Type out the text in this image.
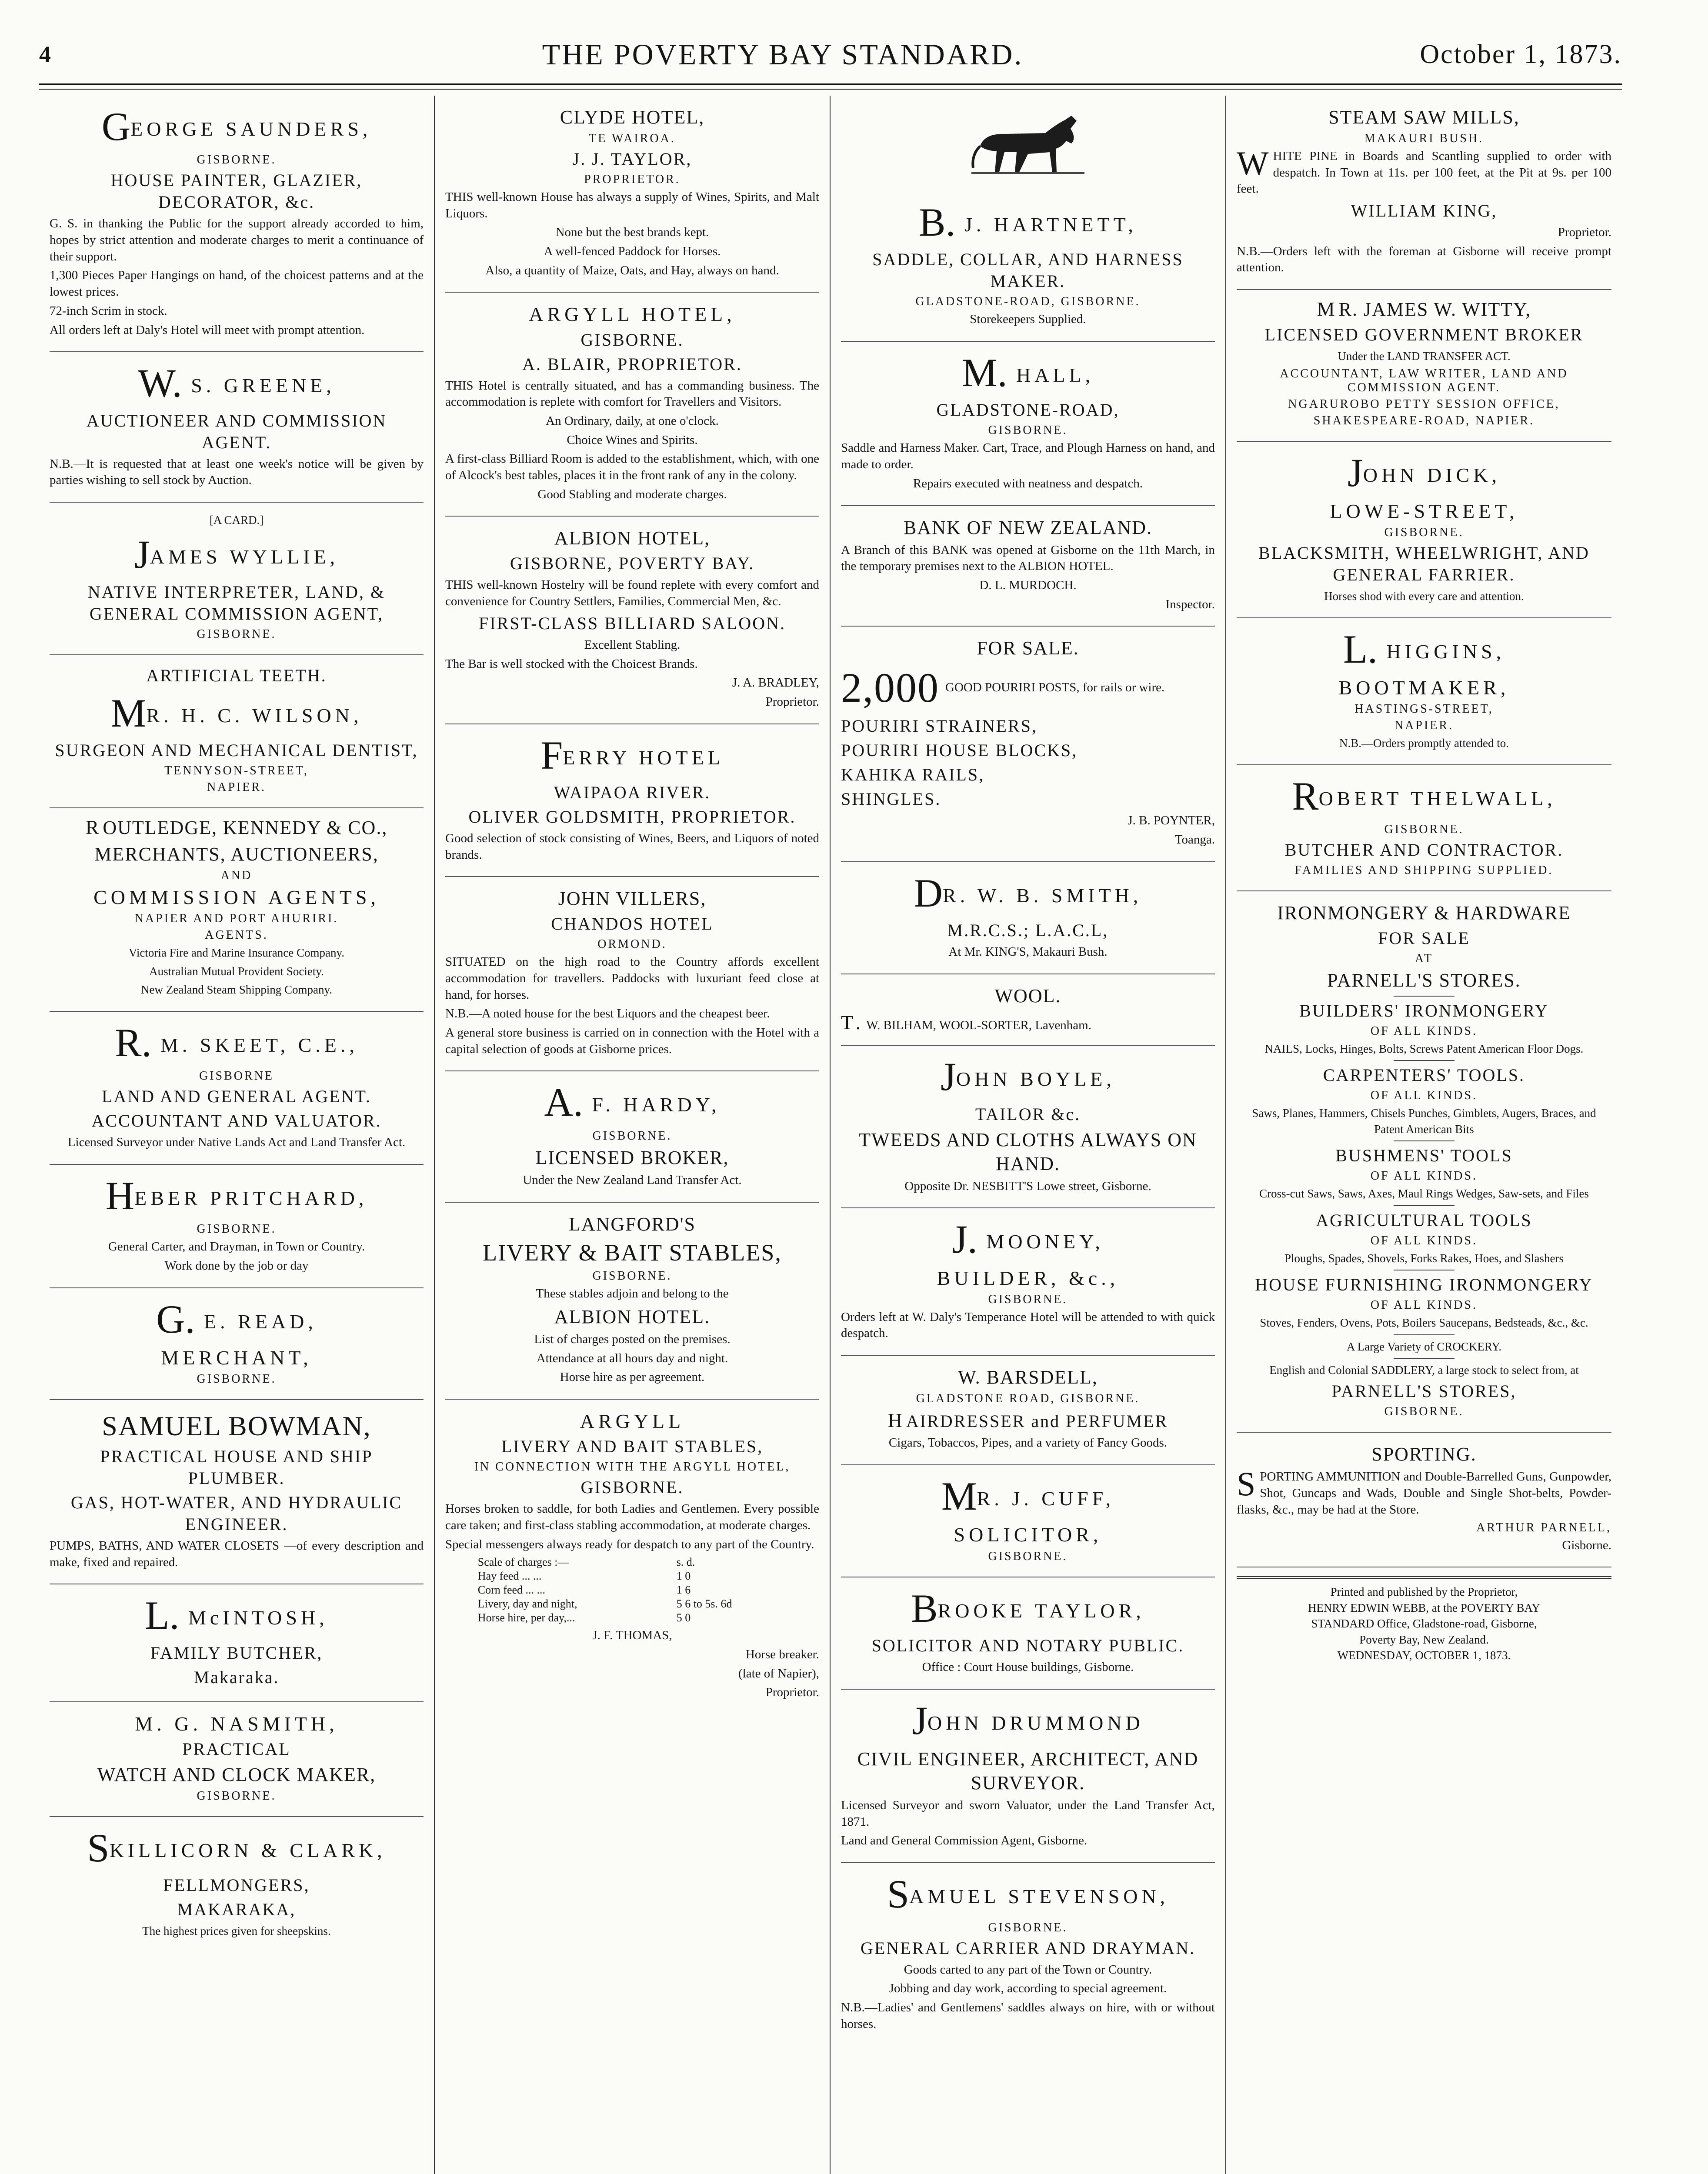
4	THE POVERTY BAY STANDARD.	October 1, 1873.
GEORGE SAUNDERS,

GISBORNE.

HOUSE PAINTER, GLAZIER, DECORATOR, &c.

G. S. in thanking the Public for the support already accorded to him, hopes by strict attention and moderate charges to merit a continuance of their support.

1,300 Pieces Paper Hangings on hand, of the choicest patterns and at the lowest prices.

72-inch Scrim in stock.

All orders left at Daly's Hotel will meet with prompt attention.

W. S. GREENE,

AUCTIONEER AND COMMISSION AGENT.

N.B.—It is requested that at least one week's notice will be given by parties wishing to sell stock by Auction.

[A CARD.]

JAMES WYLLIE,

NATIVE INTERPRETER, LAND, & GENERAL COMMISSION AGENT,

GISBORNE.

ARTIFICIAL TEETH.

MR. H. C. WILSON,

SURGEON AND MECHANICAL DENTIST,

TENNYSON-STREET,

NAPIER.

ROUTLEDGE, KENNEDY & CO.,

MERCHANTS, AUCTIONEERS,

AND

COMMISSION AGENTS,

NAPIER AND PORT AHURIRI.

AGENTS.

Victoria Fire and Marine Insurance Company.

Australian Mutual Provident Society.

New Zealand Steam Shipping Company.

R. M. SKEET, C.E.,

GISBORNE

LAND AND GENERAL AGENT.

ACCOUNTANT AND VALUATOR.

Licensed Surveyor under Native Lands Act and Land Transfer Act.

HEBER PRITCHARD,

GISBORNE.

General Carter, and Drayman, in Town or Country.

Work done by the job or day

G. E. READ,

MERCHANT,

GISBORNE.

SAMUEL BOWMAN,

PRACTICAL HOUSE AND SHIP PLUMBER.

GAS, HOT-WATER, AND HYDRAULIC ENGINEER.

PUMPS, BATHS, AND WATER CLOSETS —of every description and make, fixed and repaired.

L. McINTOSH,

FAMILY BUTCHER,

Makaraka.

M. G. NASMITH,

PRACTICAL

WATCH AND CLOCK MAKER,

GISBORNE.

SKILLICORN & CLARK,

FELLMONGERS,

MAKARAKA,

The highest prices given for sheepskins.

CLYDE HOTEL,

TE WAIROA.

J. J. TAYLOR,

PROPRIETOR.

THIS well-known House has always a supply of Wines, Spirits, and Malt Liquors.

None but the best brands kept.

A well-fenced Paddock for Horses.

Also, a quantity of Maize, Oats, and Hay, always on hand.

ARGYLL HOTEL,

GISBORNE.

A. BLAIR, PROPRIETOR.

THIS Hotel is centrally situated, and has a commanding business. The accommodation is replete with comfort for Travellers and Visitors.

An Ordinary, daily, at one o'clock.

Choice Wines and Spirits.

A first-class Billiard Room is added to the establishment, which, with one of Alcock's best tables, places it in the front rank of any in the colony.

Good Stabling and moderate charges.

ALBION HOTEL,

GISBORNE, POVERTY BAY.

THIS well-known Hostelry will be found replete with every comfort and convenience for Country Settlers, Families, Commercial Men, &c.

FIRST-CLASS BILLIARD SALOON.

Excellent Stabling.

The Bar is well stocked with the Choicest Brands.

J. A. BRADLEY,

Proprietor.

FERRY HOTEL

WAIPAOA RIVER.

OLIVER GOLDSMITH, PROPRIETOR.

Good selection of stock consisting of Wines, Beers, and Liquors of noted brands.

JOHN VILLERS,

CHANDOS HOTEL

ORMOND.

SITUATED on the high road to the Country affords excellent accommodation for travellers. Paddocks with luxuriant feed close at hand, for horses.

N.B.—A noted house for the best Liquors and the cheapest beer.

A general store business is carried on in connection with the Hotel with a capital selection of goods at Gisborne prices.

A. F. HARDY,

GISBORNE.

LICENSED BROKER,

Under the New Zealand Land Transfer Act.

LANGFORD'S

LIVERY & BAIT STABLES,

GISBORNE.

These stables adjoin and belong to the

ALBION HOTEL.

List of charges posted on the premises.

Attendance at all hours day and night.

Horse hire as per agreement.

ARGYLL

LIVERY AND BAIT STABLES,

IN CONNECTION WITH THE ARGYLL HOTEL,

GISBORNE.

Horses broken to saddle, for both Ladies and Gentlemen. Every possible care taken; and first-class stabling accommodation, at moderate charges.

Special messengers always ready for despatch to any part of the Country.

Scale of charges :—	s. d.
Hay feed ... ...	1 0
Corn feed ... ...	1 6
Livery, day and night,	5 6 to 5s. 6d
Horse hire, per day,...	5 0

J. F. THOMAS,

Horse breaker.

(late of Napier),

Proprietor.

B. J. HARTNETT,

SADDLE, COLLAR, AND HARNESS MAKER.

GLADSTONE-ROAD, GISBORNE.

Storekeepers Supplied.

M. HALL,

GLADSTONE-ROAD,

GISBORNE.

Saddle and Harness Maker. Cart, Trace, and Plough Harness on hand, and made to order.

Repairs executed with neatness and despatch.

BANK OF NEW ZEALAND.

A Branch of this BANK was opened at Gisborne on the 11th March, in the temporary premises next to the ALBION HOTEL.

D. L. MURDOCH.

Inspector.

FOR SALE.

2,000 GOOD POURIRI POSTS, for rails or wire.

POURIRI STRAINERS,

POURIRI HOUSE BLOCKS,

KAHIKA RAILS,

SHINGLES.

J. B. POYNTER,

Toanga.

DR. W. B. SMITH,

M.R.C.S.; L.A.C.L,

At Mr. KING'S, Makauri Bush.

WOOL.

T. W. BILHAM, WOOL-SORTER, Lavenham.
JOHN BOYLE,

TAILOR &c.

TWEEDS AND CLOTHS ALWAYS ON HAND.

Opposite Dr. NESBITT'S Lowe street, Gisborne.

J. MOONEY,

BUILDER, &c.,

GISBORNE.

Orders left at W. Daly's Temperance Hotel will be attended to with quick despatch.

W. BARSDELL,

GLADSTONE ROAD, GISBORNE.

HAIRDRESSER and PERFUMER

Cigars, Tobaccos, Pipes, and a variety of Fancy Goods.

MR. J. CUFF,

SOLICITOR,

GISBORNE.

BROOKE TAYLOR,

SOLICITOR AND NOTARY PUBLIC.

Office : Court House buildings, Gisborne.

JOHN DRUMMOND

CIVIL ENGINEER, ARCHITECT, AND SURVEYOR.

Licensed Surveyor and sworn Valuator, under the Land Transfer Act, 1871.

Land and General Commission Agent, Gisborne.

SAMUEL STEVENSON,

GISBORNE.

GENERAL CARRIER AND DRAYMAN.

Goods carted to any part of the Town or Country.

Jobbing and day work, according to special agreement.

N.B.—Ladies' and Gentlemens' saddles always on hire, with or without horses.

STEAM SAW MILLS,

MAKAURI BUSH.

WHITE PINE in Boards and Scantling supplied to order with despatch. In Town at 11s. per 100 feet, at the Pit at 9s. per 100 feet.

WILLIAM KING,

Proprietor.

N.B.—Orders left with the foreman at Gisborne will receive prompt attention.

MR. JAMES W. WITTY,

LICENSED GOVERNMENT BROKER

Under the LAND TRANSFER ACT.

ACCOUNTANT, LAW WRITER, LAND AND COMMISSION AGENT.

NGARUROBO PETTY SESSION OFFICE,

SHAKESPEARE-ROAD, NAPIER.

JOHN DICK,

LOWE-STREET,

GISBORNE.

BLACKSMITH, WHEELWRIGHT, AND GENERAL FARRIER.

Horses shod with every care and attention.

L. HIGGINS,

BOOTMAKER,

HASTINGS-STREET,

NAPIER.

N.B.—Orders promptly attended to.

ROBERT THELWALL,

GISBORNE.

BUTCHER AND CONTRACTOR.

FAMILIES AND SHIPPING SUPPLIED.

IRONMONGERY & HARDWARE

FOR SALE

AT

PARNELL'S STORES.

BUILDERS' IRONMONGERY

OF ALL KINDS.

NAILS, Locks, Hinges, Bolts, Screws Patent American Floor Dogs.

CARPENTERS' TOOLS.

OF ALL KINDS.

Saws, Planes, Hammers, Chisels Punches, Gimblets, Augers, Braces, and Patent American Bits

BUSHMENS' TOOLS

OF ALL KINDS.

Cross-cut Saws, Saws, Axes, Maul Rings Wedges, Saw-sets, and Files

AGRICULTURAL TOOLS

OF ALL KINDS.

Ploughs, Spades, Shovels, Forks Rakes, Hoes, and Slashers

HOUSE FURNISHING IRONMONGERY

OF ALL KINDS.

Stoves, Fenders, Ovens, Pots, Boilers Saucepans, Bedsteads, &c., &c.

A Large Variety of CROCKERY.

English and Colonial SADDLERY, a large stock to select from, at

PARNELL'S STORES,

GISBORNE.

SPORTING.

SPORTING AMMUNITION and Double-Barrelled Guns, Gunpowder, Shot, Guncaps and Wads, Double and Single Shot-belts, Powder-flasks, &c., may be had at the Store.

ARTHUR PARNELL,

Gisborne.

Printed and published by the Proprietor,
HENRY EDWIN WEBB, at the POVERTY BAY
STANDARD Office, Gladstone-road, Gisborne,
Poverty Bay, New Zealand.
WEDNESDAY, OCTOBER 1, 1873.
